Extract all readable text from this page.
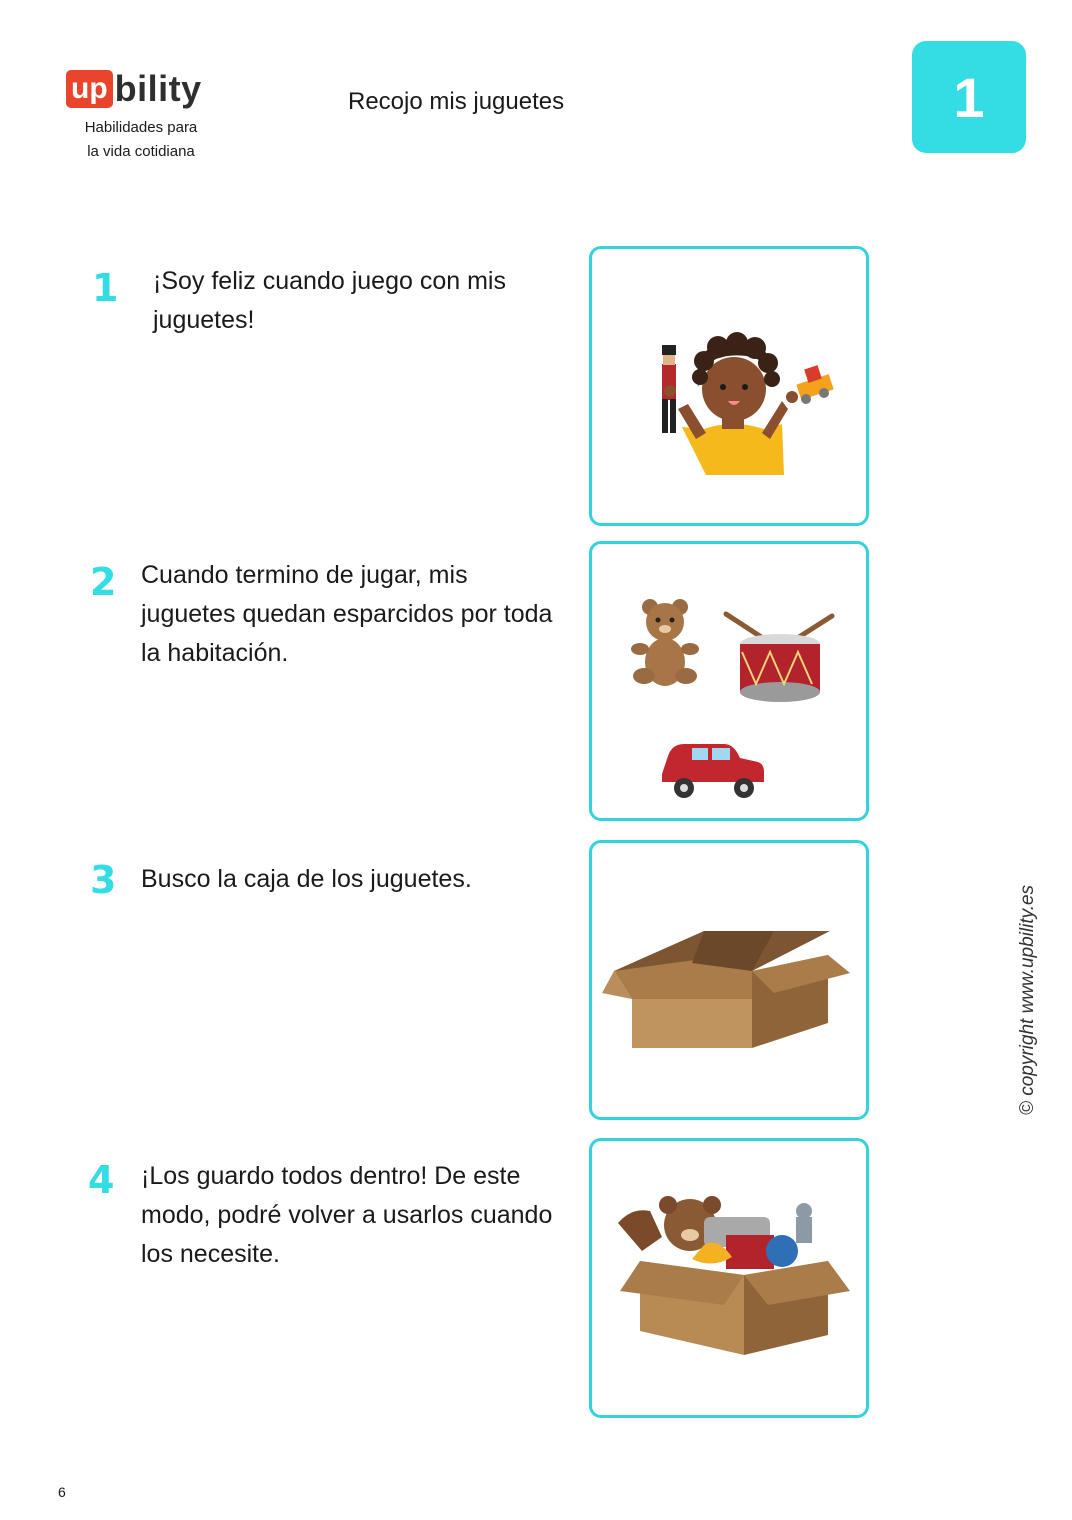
up bility
Habilidades para
la vida cotidiana
Recojo mis juguetes	1
1 ¡Soy feliz cuando juego con mis juguetes!
2 Cuando termino de jugar, mis juguetes quedan esparcidos por toda la habitación.
3 Busco la caja de los juguetes.
4 ¡Los guardo todos dentro! De este modo, podré volver a usarlos cuando los necesite.
© copyright www.upbility.es
6
